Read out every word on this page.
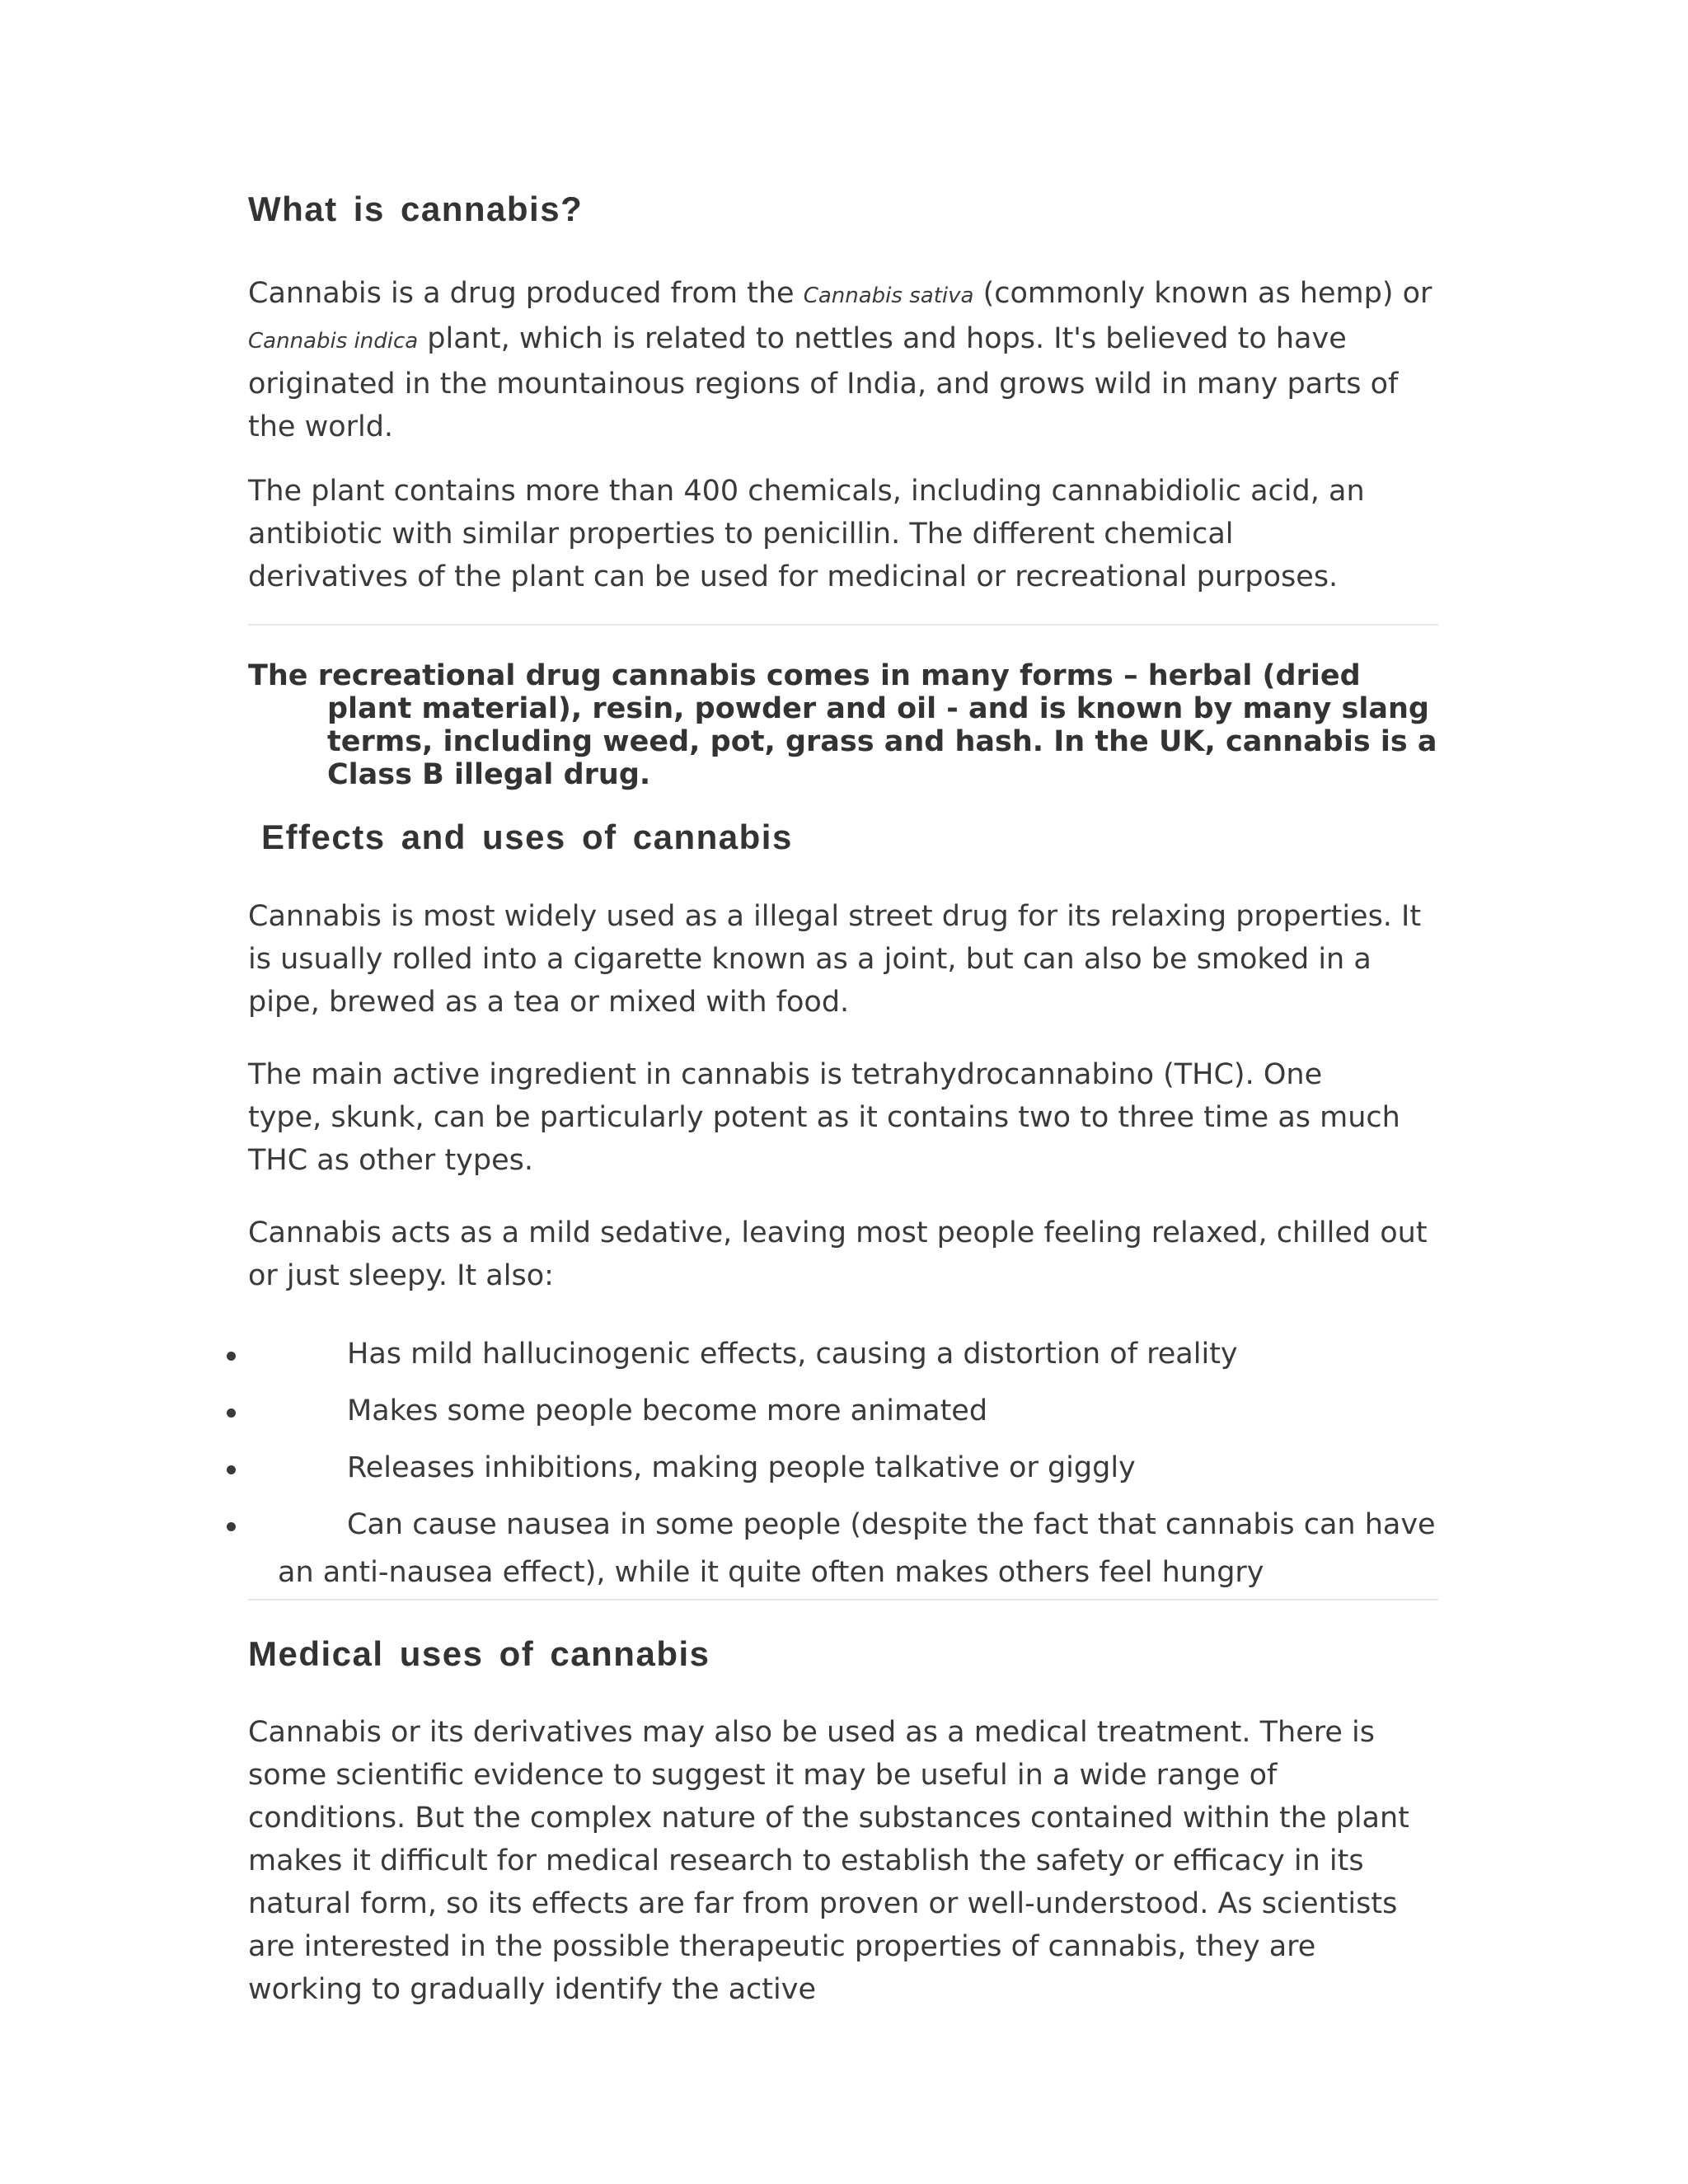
What is cannabis?

Cannabis is a drug produced from the Cannabis sativa (commonly known as hemp) or Cannabis indica plant, which is related to nettles and hops. It's believed to have originated in the mountainous regions of India, and grows wild in many parts of the world.

The plant contains more than 400 chemicals, including cannabidiolic acid, an antibiotic with similar properties to penicillin. The different chemical derivatives of the plant can be used for medicinal or recreational purposes.

The recreational drug cannabis comes in many forms – herbal (dried plant material), resin, powder and oil - and is known by many slang terms, including weed, pot, grass and hash. In the UK, cannabis is a Class B illegal drug.

Effects and uses of cannabis

Cannabis is most widely used as a illegal street drug for its relaxing properties. It is usually rolled into a cigarette known as a joint, but can also be smoked in a pipe, brewed as a tea or mixed with food.

The main active ingredient in cannabis is tetrahydrocannabino (THC). One type, skunk, can be particularly potent as it contains two to three time as much THC as other types.

Cannabis acts as a mild sedative, leaving most people feeling relaxed, chilled out or just sleepy. It also:

Has mild hallucinogenic effects, causing a distortion of reality
Makes some people become more animated
Releases inhibitions, making people talkative or giggly
Can cause nausea in some people (despite the fact that cannabis can have an anti-nausea effect), while it quite often makes others feel hungry
Medical uses of cannabis

Cannabis or its derivatives may also be used as a medical treatment. There is some scientific evidence to suggest it may be useful in a wide range of conditions. But the complex nature of the substances contained within the plant makes it difficult for medical research to establish the safety or efficacy in its natural form, so its effects are far from proven or well-understood. As scientists are interested in the possible therapeutic properties of cannabis, they are working to gradually identify the active
